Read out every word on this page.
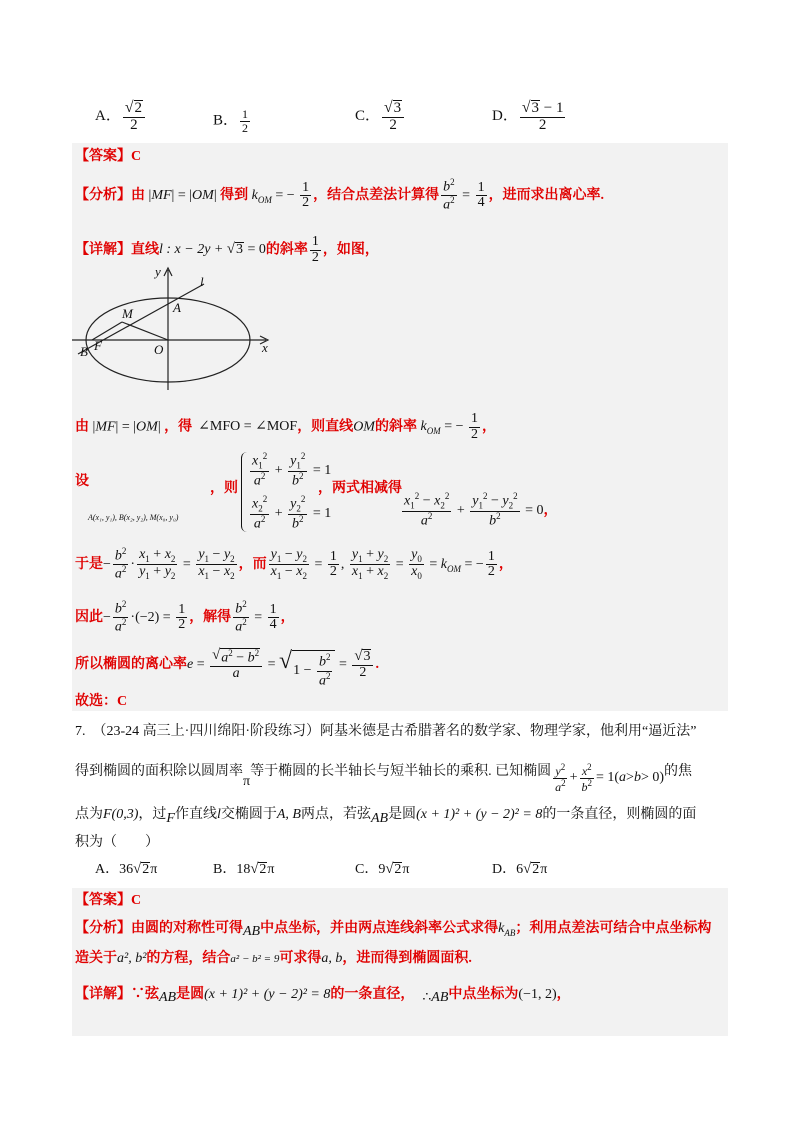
A． $\frac{√ 2}{2}$	B． $\frac{1}{2}$	C． $\frac{√ 3}{2}$	D． $\frac{√ 3 - 1}{2}$
【答案】C
【分析】由 |MF| = |OM| 得到 $k_{OM}$ = − $\frac{1}{2}$ ，结合点差法计算得 $\frac{b^2}{a^2} = \frac{1}{4}$ ，进而求出离心率.
【详解】直线l : x − 2y + √ 3 = 0的斜率 $\frac{1}{2}$ ，如图，
y
l
M	A
B F	O	x
由 |MF| = |OM| ，得 ∠MFO = ∠MOF，则直线OM的斜率 $k_{OM}$ = − $\frac{1}{2}$ ，
设
A(x₁, y₁), B(x₂, y₂), M(x₀, y₀)
，则 $\frac{x_1^2}{a^2} + \frac{y_1^2}{b^2} = 1$
$\frac{x_2^2}{a^2} + \frac{y_2^2}{b^2} = 1$
，两式相减得
$\frac{x_1^2 - x_2^2}{a^2} + \frac{y_1^2 - y_2^2}{b^2} = 0$，
于是− $\frac{b^2}{a^2} \cdot \frac{x_1 + x_2}{y_1 + y_2} = \frac{y_1 - y_2}{x_1 - x_2}$ ，而 $\frac{y_1 - y_2}{x_1 - x_2} = \frac{1}{2}$ , $\frac{y_1 + y_2}{x_1 + x_2} = \frac{y_0}{x_0} = k_{OM}$ = − $\frac{1}{2}$ ，
因此− $\frac{b^2}{a^2} \cdot(-2) = \frac{1}{2}$ ，解得 $\frac{b^2}{a^2} = \frac{1}{4}$ ，
所以椭圆的离心率$e = \frac{√ a^2 - b^2}{a}$ = √ $1 - \frac{b^2}{a^2} = \frac{√ 3}{2}$ .
故选：C
7.　（23-24 高三上·四川绵阳·阶段练习）阿基米德是古希腊著名的数学家、物理学家，他利用“逼近法”
得到椭圆的面积除以圆周率π等于椭圆的长半轴长与短半轴长的乘积. 已知椭圆 $\frac{y^2}{a^2} + \frac{x^2}{b^2} = 1$( a > b > 0)的焦
点为F(0,3)，过F作直线l交椭圆于A, B两点，若弦AB是圆(x + 1)² + (y − 2)² = 8的一条直径，则椭圆的面
积为（　　）
A．36 √ 2 π	B．18 √ 2 π	C．9 √ 2 π	D．6 √ 2 π
【答案】C
【分析】由圆的对称性可得AB中点坐标，并由两点连线斜率公式求得$k_{AB}$；利用点差法可结合中点坐标构
造关于a², b²的方程，结合a² − b² = 9可求得a, b，进而得到椭圆面积.
【详解】∵弦AB是圆(x + 1)² + (y − 2)² = 8的一条直径， ∴AB中点坐标为(−1, 2)，
